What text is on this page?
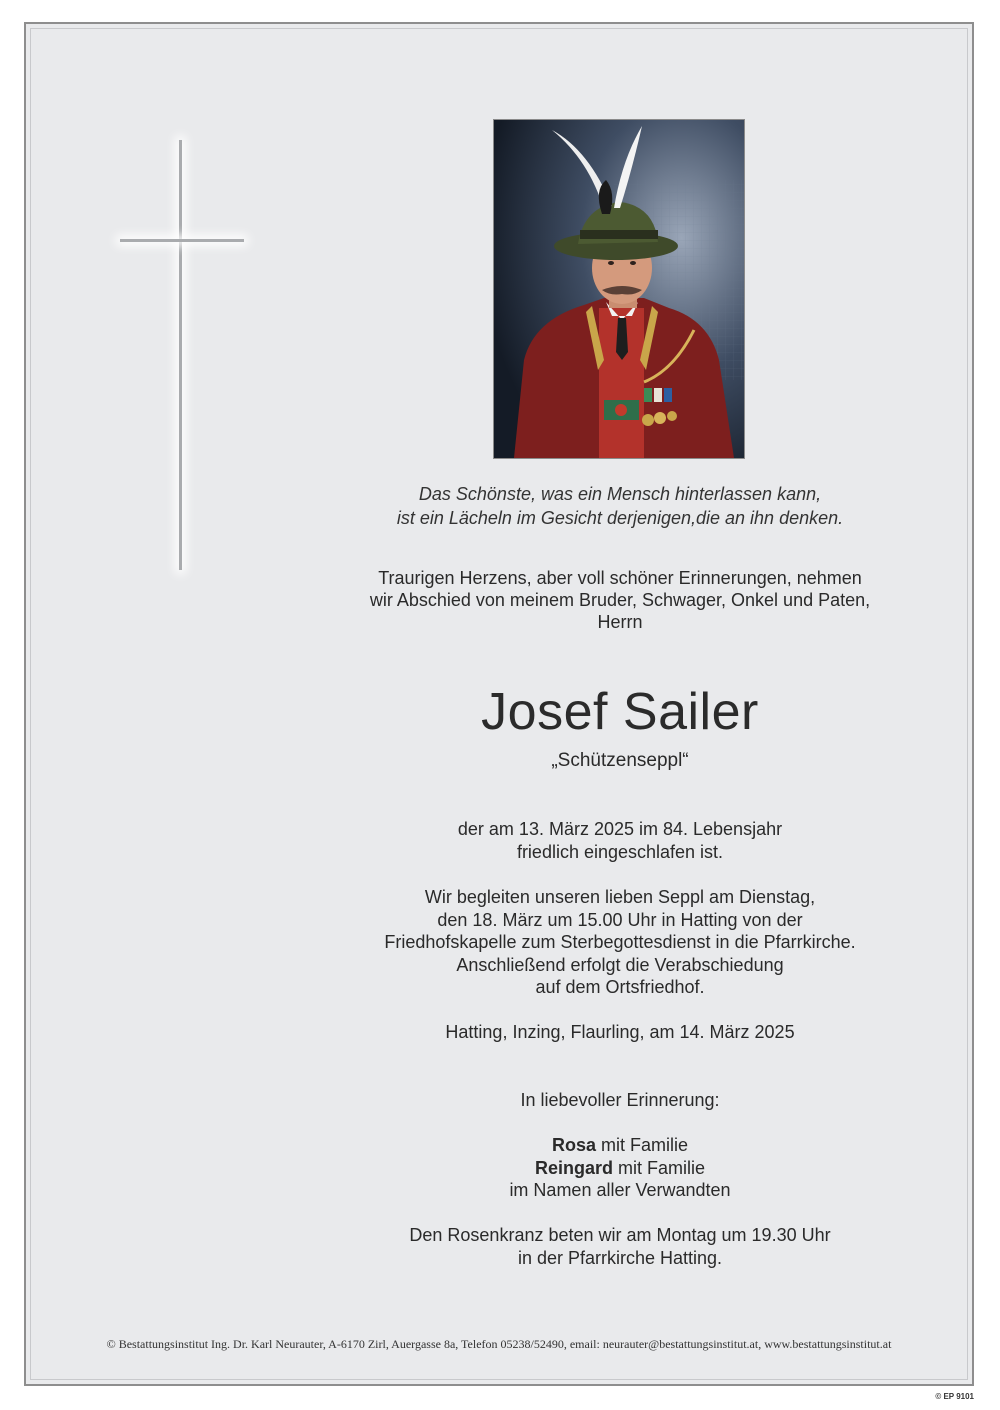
Das Schönste, was ein Mensch hinterlassen kann,
ist ein Lächeln im Gesicht derjenigen,die an ihn denken.
Traurigen Herzens, aber voll schöner Erinnerungen, nehmen
wir Abschied von meinem Bruder, Schwager, Onkel und Paten,
Herrn
Josef Sailer
„Schützenseppl“
der am 13. März 2025 im 84. Lebensjahr
friedlich eingeschlafen ist.
Wir begleiten unseren lieben Seppl am Dienstag,
den 18. März um 15.00 Uhr in Hatting von der
Friedhofskapelle zum Sterbegottesdienst in die Pfarrkirche.
Anschließend erfolgt die Verabschiedung
auf dem Ortsfriedhof.
Hatting, Inzing, Flaurling, am 14. März 2025
In liebevoller Erinnerung:
Rosa mit Familie
Reingard mit Familie
im Namen aller Verwandten
Den Rosenkranz beten wir am Montag um 19.30 Uhr
in der Pfarrkirche Hatting.
© Bestattungsinstitut Ing. Dr. Karl Neurauter, A-6170 Zirl, Auergasse 8a, Telefon 05238/52490, email: neurauter@bestattungsinstitut.at, www.bestattungsinstitut.at
© EP 9101
